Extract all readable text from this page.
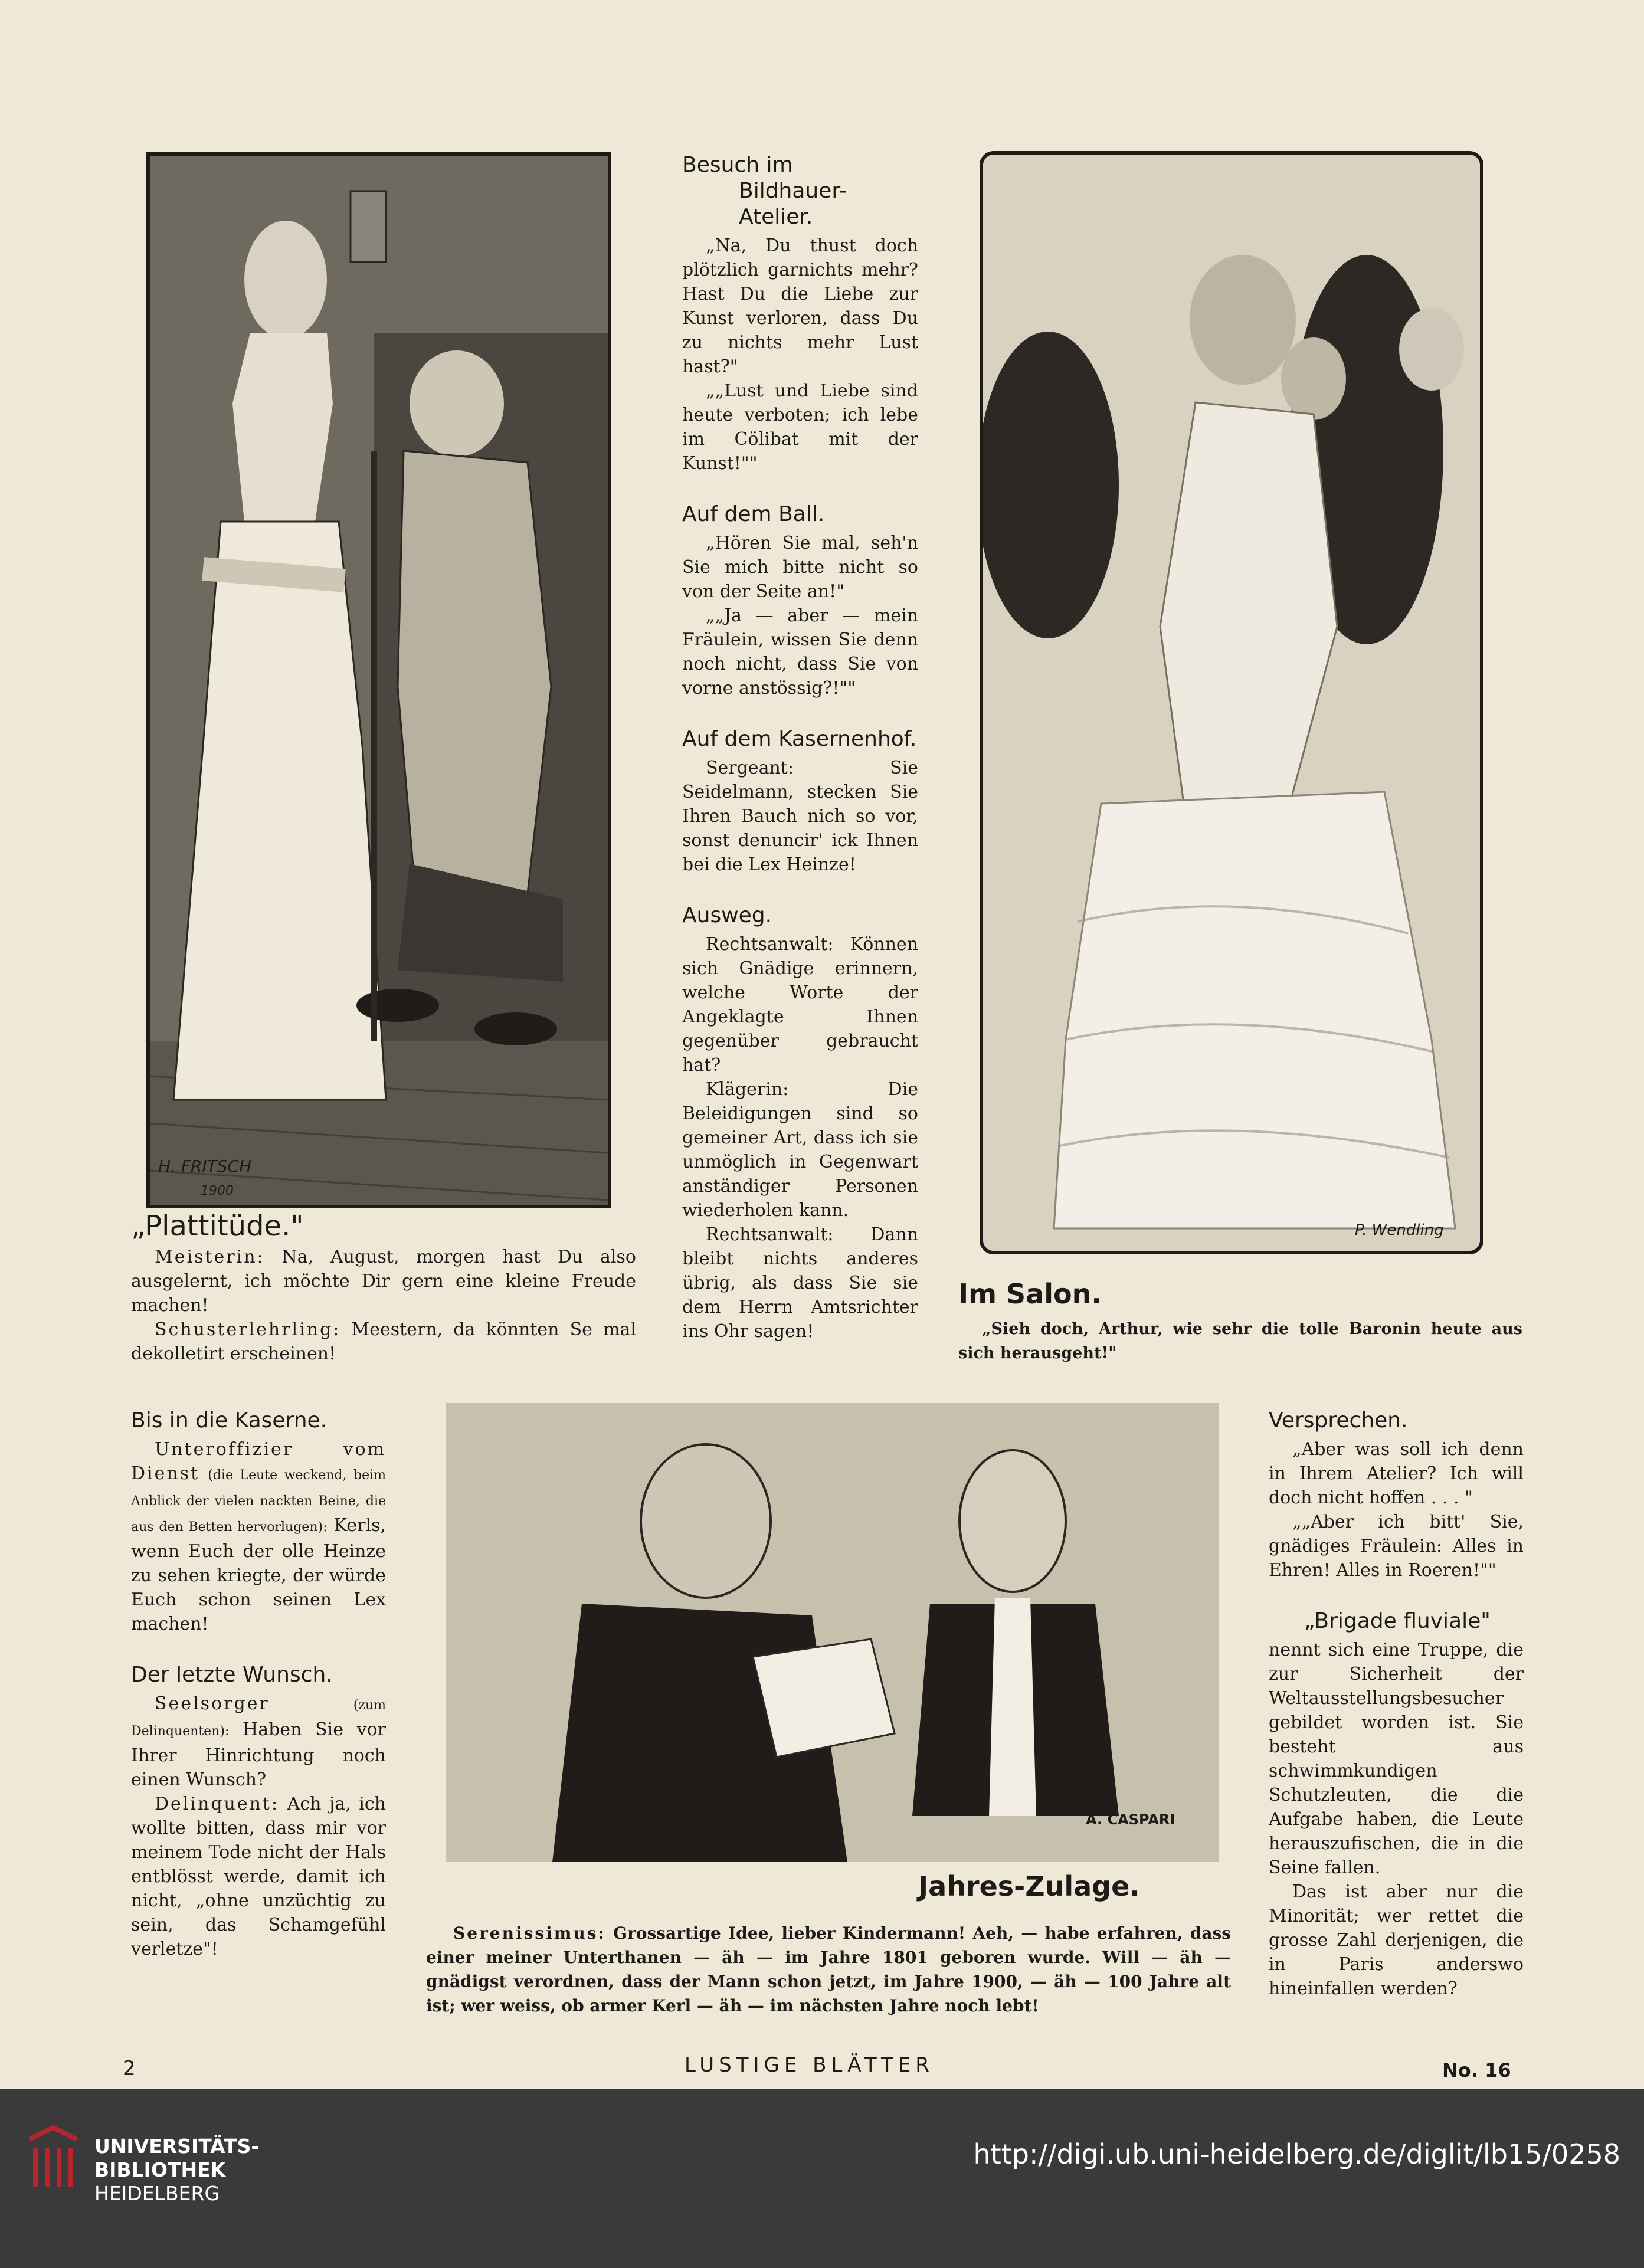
H. FRITSCH
1900
„Plattitüde."

Meisterin: Na, August, morgen hast Du also ausgelernt, ich möchte Dir gern eine kleine Freude machen!

Schusterlehrling: Meestern, da könnten Se mal dekolletirt erscheinen!

Besuch im
Bildhauer-Atelier.

„Na, Du thust doch plötzlich garnichts mehr? Hast Du die Liebe zur Kunst verloren, dass Du zu nichts mehr Lust hast?"

„„Lust und Liebe sind heute verboten; ich lebe im Cölibat mit der Kunst!""

Auf dem Ball.

„Hören Sie mal, seh'n Sie mich bitte nicht so von der Seite an!"

„„Ja — aber — mein Fräulein, wissen Sie denn noch nicht, dass Sie von vorne anstössig?!""

Auf dem Kasernenhof.

Sergeant: Sie Seidelmann, stecken Sie Ihren Bauch nich so vor, sonst denuncir' ick Ihnen bei die Lex Heinze!

Ausweg.

Rechtsanwalt: Können sich Gnädige erinnern, welche Worte der Angeklagte Ihnen gegenüber gebraucht hat?

Klägerin: Die Beleidigungen sind so gemeiner Art, dass ich sie unmöglich in Gegenwart anständiger Personen wiederholen kann.

Rechtsanwalt: Dann bleibt nichts anderes übrig, als dass Sie sie dem Herrn Amtsrichter ins Ohr sagen!

P. Wendling
Im Salon.
„Sieh doch, Arthur, wie sehr die tolle Baronin heute aus sich herausgeht!"
Bis in die Kaserne.

Unteroffizier vom Dienst (die Leute weckend, beim Anblick der vielen nackten Beine, die aus den Betten hervorlugen): Kerls, wenn Euch der olle Heinze zu sehen kriegte, der würde Euch schon seinen Lex machen!

Der letzte Wunsch.

Seelsorger	(zum Delinquenten): Haben Sie vor Ihrer Hinrichtung noch einen Wunsch?

Delinquent: Ach ja, ich wollte bitten, dass mir vor meinem Tode nicht der Hals entblösst werde, damit ich nicht, „ohne unzüchtig zu sein, das Schamgefühl verletze"!

A. CASPARI
Jahres-Zulage.
Serenissimus: Grossartige Idee, lieber Kindermann! Aeh, — habe erfahren, dass einer meiner Unterthanen — äh — im Jahre 1801 geboren wurde. Will — äh — gnädigst verordnen, dass der Mann schon jetzt, im Jahre 1900, — äh — 100 Jahre alt ist; wer weiss, ob armer Kerl — äh — im nächsten Jahre noch lebt!
Versprechen.

„Aber was soll ich denn in Ihrem Atelier? Ich will doch nicht hoffen . . . "

„„Aber ich bitt' Sie, gnädiges Fräulein: Alles in Ehren! Alles in Roeren!""

„Brigade fluviale"

nennt sich eine Truppe, die zur Sicherheit der Weltausstellungsbesucher gebildet worden ist. Sie besteht aus schwimmkundigen Schutzleuten, die die Aufgabe haben, die Leute herauszufischen, die in die Seine fallen.

Das ist aber nur die Minorität; wer rettet die grosse Zahl derjenigen, die in Paris anderswo hineinfallen werden?

2	LUSTIGE BLÄTTER	No. 16
UNIVERSITÄTS-
BIBLIOTHEK
HEIDELBERG
http://digi.ub.uni-heidelberg.de/diglit/lb15/0258
